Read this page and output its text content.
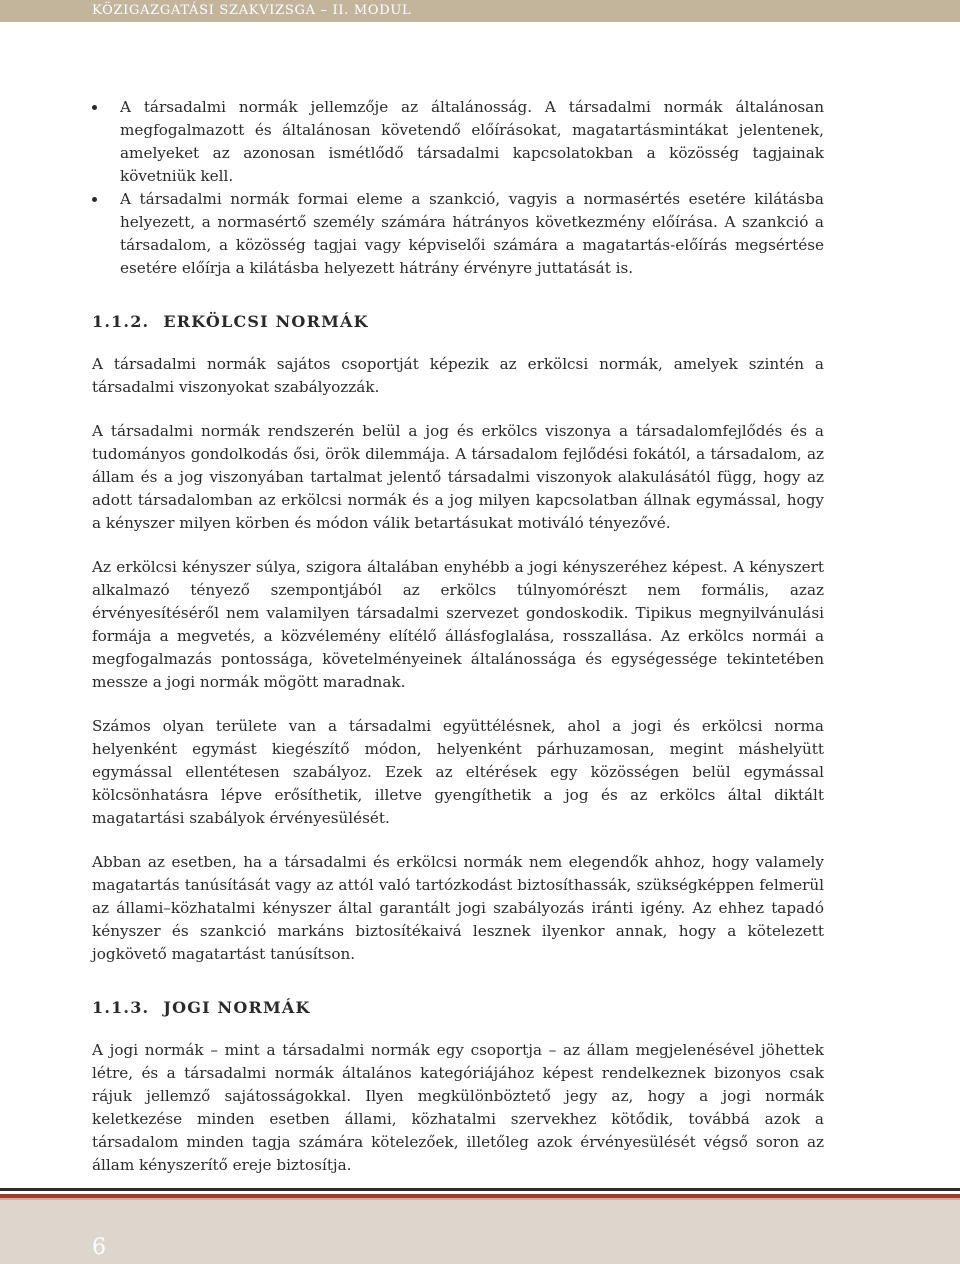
KÖZIGAZGATÁSI SZAKVIZSGA – II. MODUL
A társadalmi normák jellemzője az általánosság. A társadalmi normák általánosan megfogalmazott és általánosan követendő előírásokat, magatartásmintákat jelentenek, amelyeket az azonosan ismétlődő társadalmi kapcsolatokban a közösség tagjainak követniük kell.
A társadalmi normák formai eleme a szankció, vagyis a normasértés esetére kilátásba helyezett, a normasértő személy számára hátrányos következmény előírása. A szankció a társadalom, a közösség tagjai vagy képviselői számára a magatartás-előírás megsértése esetére előírja a kilátásba helyezett hátrány érvényre juttatását is.
1.1.2. ERKÖLCSI NORMÁK

A társadalmi normák sajátos csoportját képezik az erkölcsi normák, amelyek szintén a társadalmi viszonyokat szabályozzák.

A társadalmi normák rendszerén belül a jog és erkölcs viszonya a társadalomfejlődés és a tudományos gondolkodás ősi, örök dilemmája. A társadalom fejlődési fokától, a társadalom, az állam és a jog viszonyában tartalmat jelentő társadalmi viszonyok alakulásától függ, hogy az adott társadalomban az erkölcsi normák és a jog milyen kapcsolatban állnak egymással, hogy a kényszer milyen körben és módon válik betartásukat motiváló tényezővé.

Az erkölcsi kényszer súlya, szigora általában enyhébb a jogi kényszeréhez képest. A kényszert alkalmazó tényező szempontjából az erkölcs túlnyomórészt nem formális, azaz érvényesítéséről nem valamilyen társadalmi szervezet gondoskodik. Tipikus megnyilvánulási formája a megvetés, a közvélemény elítélő állásfoglalása, rosszallása. Az erkölcs normái a megfogalmazás pontossága, követelményeinek általánossága és egységessége tekintetében messze a jogi normák mögött maradnak.

Számos olyan területe van a társadalmi együttélésnek, ahol a jogi és erkölcsi norma helyenként egymást kiegészítő módon, helyenként párhuzamosan, megint máshelyütt egymással ellentétesen szabályoz. Ezek az eltérések egy közösségen belül egymással kölcsönhatásra lépve erősíthetik, illetve gyengíthetik a jog és az erkölcs által diktált magatartási szabályok érvényesülését.

Abban az esetben, ha a társadalmi és erkölcsi normák nem elegendők ahhoz, hogy valamely magatartás tanúsítását vagy az attól való tartózkodást biztosíthassák, szükségképpen felmerül az állami–közhatalmi kényszer által garantált jogi szabályozás iránti igény. Az ehhez tapadó kényszer és szankció markáns biztosítékaivá lesznek ilyenkor annak, hogy a kötelezett jogkövető magatartást tanúsítson.

1.1.3. JOGI NORMÁK

A jogi normák – mint a társadalmi normák egy csoportja – az állam megjelenésével jöhettek létre, és a társadalmi normák általános kategóriájához képest rendelkeznek bizonyos csak rájuk jellemző sajátosságokkal. Ilyen megkülönböztető jegy az, hogy a jogi normák keletkezése minden esetben állami, közhatalmi szervekhez kötődik, továbbá azok a társadalom minden tagja számára kötelezőek, illetőleg azok érvényesülését végső soron az állam kényszerítő ereje biztosítja.

6
